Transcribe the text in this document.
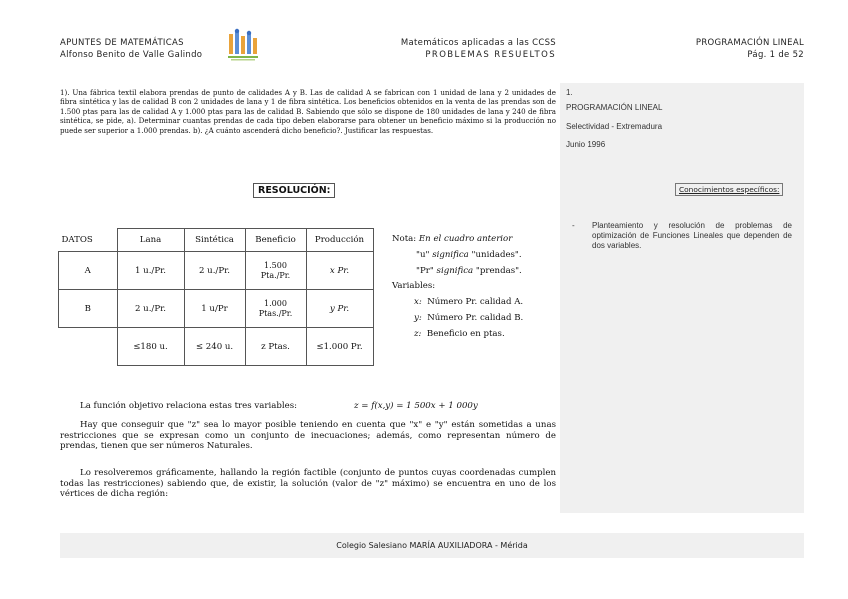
APUNTES DE MATEMÁTICAS
Alfonso Benito de Valle Galindo
Matemáticos aplicadas a las CCSS
PROBLEMAS RESUELTOS
PROGRAMACIÓN LINEAL
Pág. 1 de 52
1). Una fábrica textil elabora prendas de punto de calidades A y B. Las de calidad A se fabrican con 1 unidad de lana y 2 unidades de fibra sintética y las de calidad B con 2 unidades de lana y 1 de fibra sintética. Los beneficios obtenidos en la venta de las prendas son de 1.500 ptas para las de calidad A y 1.000 ptas para las de calidad B. Sabiendo que sólo se dispone de 180 unidades de lana y 240 de fibra sintética, se pide, a). Determinar cuantas prendas de cada tipo deben elaborarse para obtener un beneficio máximo si la producción no puede ser superior a 1.000 prendas. b). ¿A cuánto ascenderá dicho beneficio?. Justificar las respuestas.
RESOLUCIÓN:
DATOS	Lana	Sintética	Beneficio	Producción
A	1 u./Pr.	2 u./Pr.	1.500 Pta./Pr.	x Pr.
B	2 u./Pr.	1 u/Pr	1.000 Ptas./Pr.	y Pr.
	≤180 u.	≤ 240 u.	z Ptas.	≤1.000 Pr.
Nota: En el cuadro anterior
"u" significa "unidades".
"Pr" significa "prendas".
Variables:
x: Número Pr. calidad A.
y: Número Pr. calidad B.
z: Beneficio en ptas.
La función objetivo relaciona estas tres variables:	z = f(x,y) = 1 500x + 1 000y
Hay que conseguir que "z" sea lo mayor posible teniendo en cuenta que "x" e "y" están sometidas a unas restricciones que se expresan como un conjunto de inecuaciones; además, como representan número de prendas, tienen que ser números Naturales.
Lo resolveremos gráficamente, hallando la región factible (conjunto de puntos cuyas coordenadas cumplen todas las restricciones) sabiendo que, de existir, la solución (valor de "z" máximo) se encuentra en uno de los vértices de dicha región:
1.
PROGRAMACIÓN LINEAL
Selectividad - Extremadura
Junio 1996
- Planteamiento y resolución de problemas de optimización de Funciones Lineales que dependen de dos variables.
Conocimientos específicos:
Colegio Salesiano MARÍA AUXILIADORA - Mérida
